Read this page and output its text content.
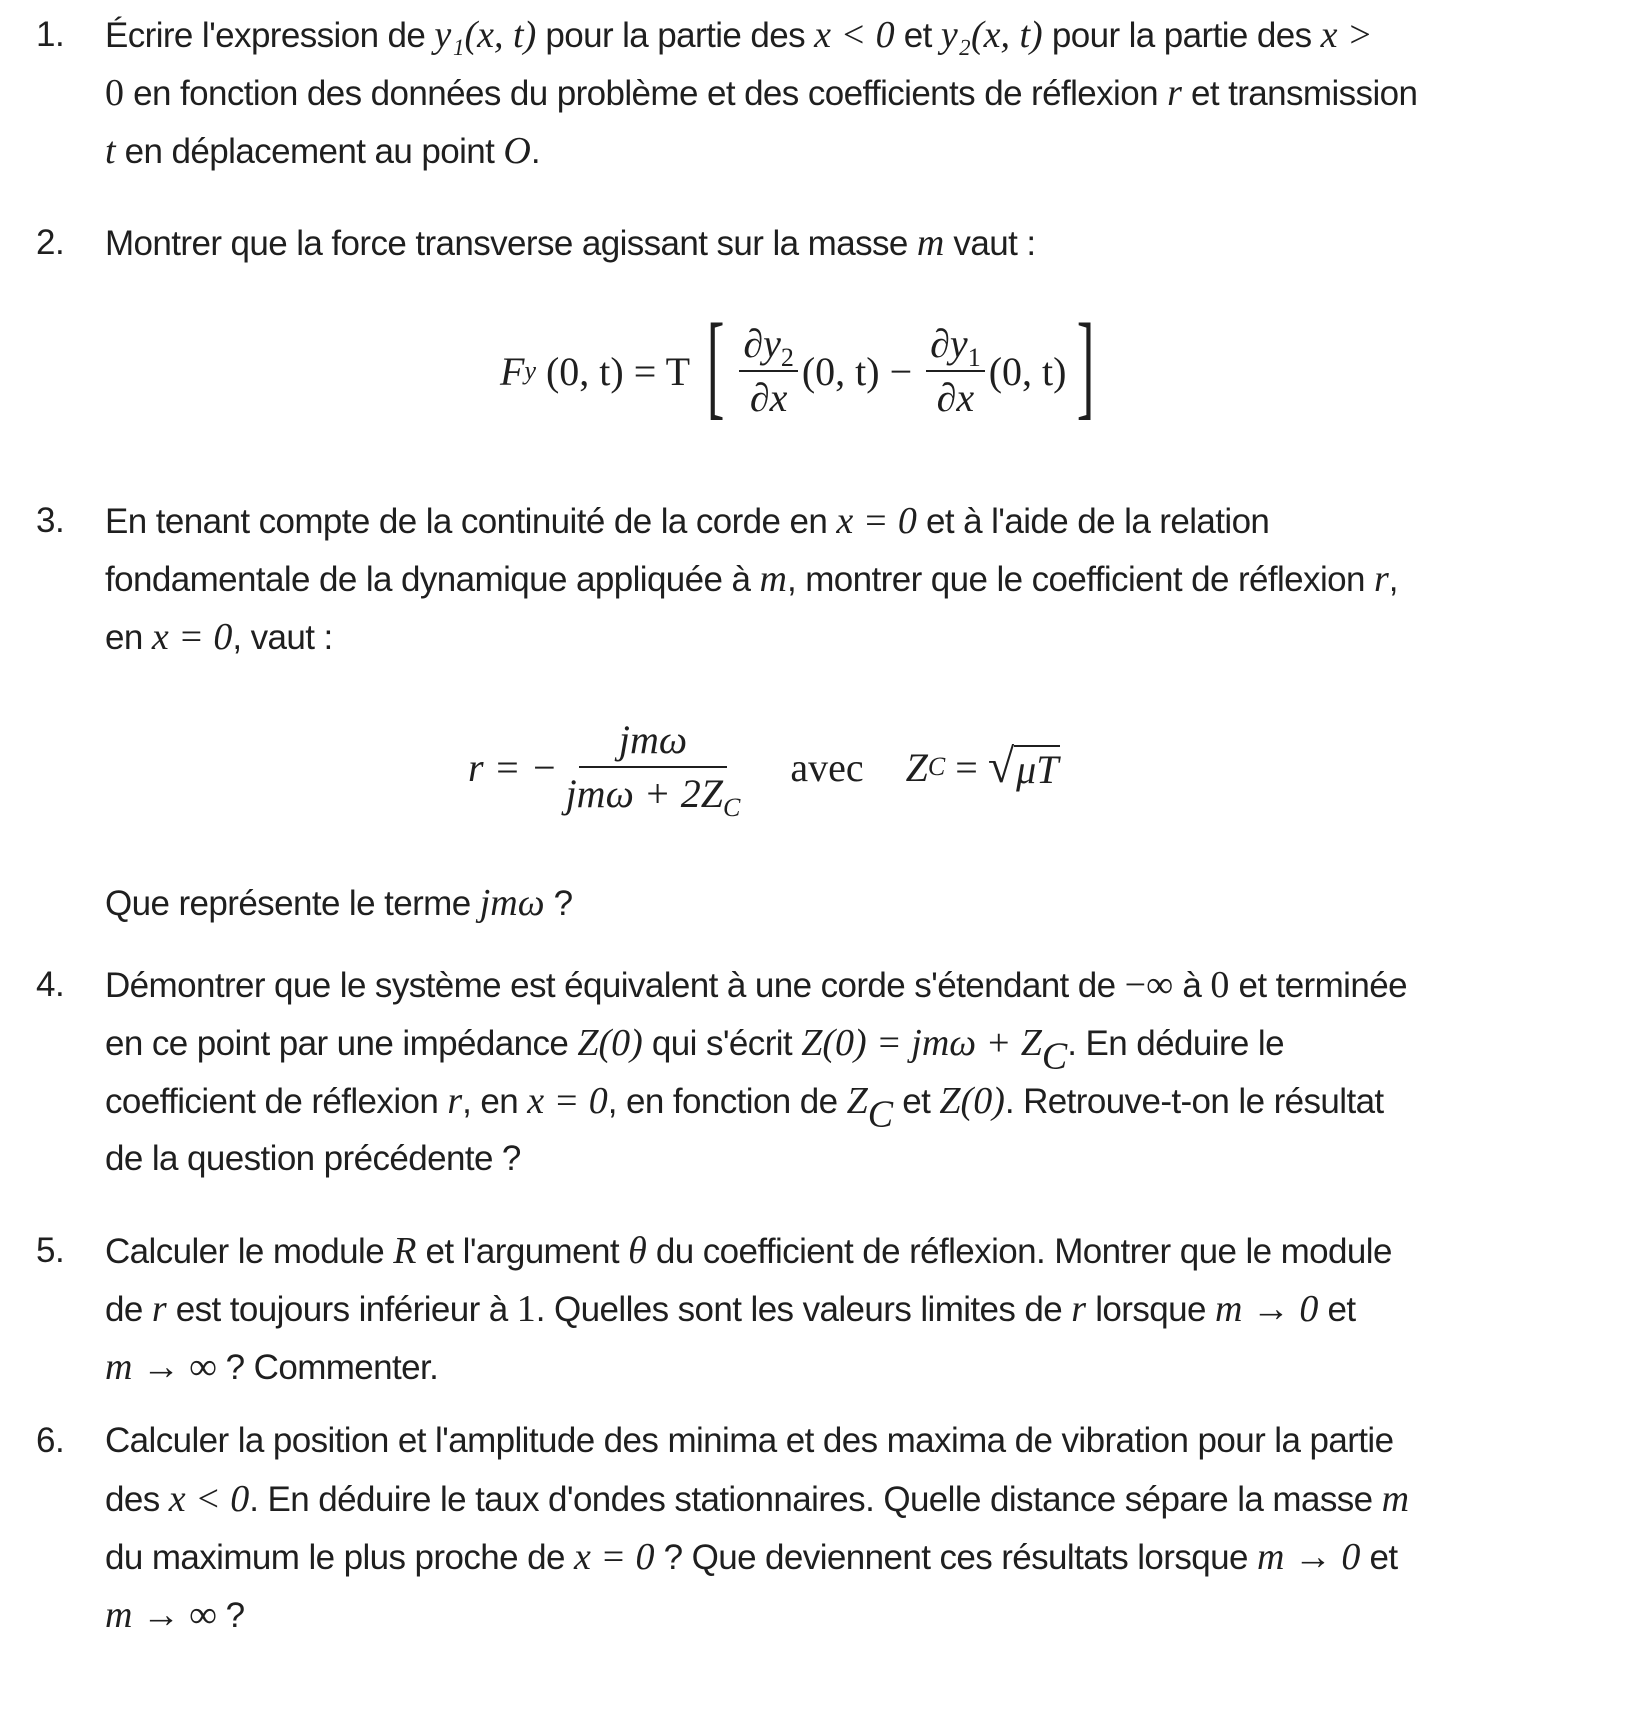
1. Écrire l'expression de y₁(x, t) pour la partie des x < 0 et y₂(x, t) pour la partie des x >
0 en fonction des données du problème et des coefficients de réflexion r et transmission
t en déplacement au point O.
2. Montrer que la force transverse agissant sur la masse m vaut :
F y
(0, t) = T [ $\frac{\partial y_2}{\partial x} (0$, $t) - \frac{\partial y_1}{\partial x} (0$, t) ]
3. En tenant compte de la continuité de la corde en x = 0 et à l'aide de la relation
fondamentale de la dynamique appliquée à m, montrer que le coefficient de réflexion r,
en x = 0, vaut :
r = − $\frac{\text{jmω}}{jm\omega + 2Z_C}$ avec Z C = √ μT
Que représente le terme jmω ?
4. Démontrer que le système est équivalent à une corde s'étendant de −∞ à 0 et terminée
en ce point par une impédance Z(0) qui s'écrit $Z(0) = jm\omega + Z_C$. En déduire le
coefficient de réflexion r, en x = 0, en fonction de $Z_C$ et Z(0). Retrouve-t-on le résultat
de la question précédente ?
5. Calculer le module R et l'argument θ du coefficient de réflexion. Montrer que le module
de r est toujours inférieur à 1. Quelles sont les valeurs limites de r lorsque m → 0 et
m → ∞ ? Commenter.
6. Calculer la position et l'amplitude des minima et des maxima de vibration pour la partie
des x < 0. En déduire le taux d'ondes stationnaires. Quelle distance sépare la masse m
du maximum le plus proche de x = 0 ? Que deviennent ces résultats lorsque m → 0 et
m → ∞ ?
